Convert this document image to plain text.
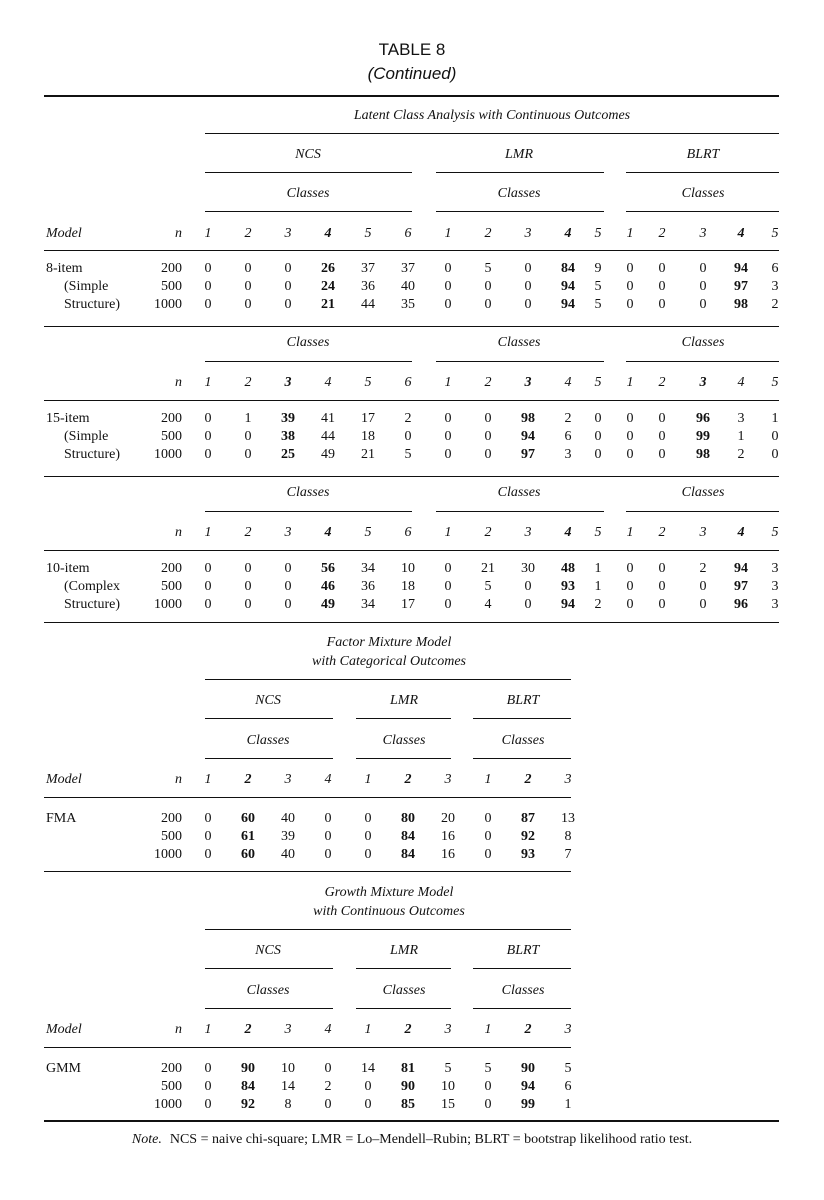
TABLE 8
(Continued)
Latent Class Analysis with Continuous Outcomes
NCS	LMR	BLRT
Classes	Classes	Classes
Model	n 1 2 3 4 5 6 1 2 3 4 5 1 2 3 4 5
8-item	200 0 0 0 26 37 37 0 5 0 84 9 0 0 0 94 6
(Simple	500 0 0 0 24 36 40 0 0 0 94 5 0 0 0 97 3
Structure) 1000 0 0 0 21 44 35 0 0 0 94 5 0 0 0 98 2
Classes	Classes	Classes
n 1 2 3 4 5 6 1 2 3 4 5 1 2 3 4 5
15-item	200 0 1 39 41 17 2 0 0 98 2 0 0 0 96 3 1
(Simple	500 0 0 38 44 18 0 0 0 94 6 0 0 0 99 1 0
Structure) 1000 0 0 25 49 21 5 0 0 97 3 0 0 0 98 2 0
Classes	Classes	Classes
n 1 2 3 4 5 6 1 2 3 4 5 1 2 3 4 5
10-item	200 0 0 0 56 34 10 0 21 30 48 1 0 0 2 94 3
(Complex	500 0 0 0 46 36 18 0 5 0 93 1 0 0 0 97 3
Structure) 1000 0 0 0 49 34 17 0 4 0 94 2 0 0 0 96 3
Factor Mixture Model
with Categorical Outcomes
NCS	LMR	BLRT
Classes	Classes	Classes
Model	n 1 2 3 4 1 2 3 1 2 3
FMA	200 0 60 40 0 0 80 20 0 87 13
500 0 61 39 0 0 84 16 0 92 8
1000 0 60 40 0 0 84 16 0 93 7
Growth Mixture Model
with Continuous Outcomes
NCS	LMR	BLRT
Classes	Classes	Classes
Model	n 1 2 3 4 1 2 3 1 2 3
GMM	200 0 90 10 0 14 81 5 5 90 5
500 0 84 14 2 0 90 10 0 94 6
1000 0 92 8 0 0 85 15 0 99 1
Note. NCS = naive chi-square; LMR = Lo–Mendell–Rubin; BLRT = bootstrap likelihood ratio test.
